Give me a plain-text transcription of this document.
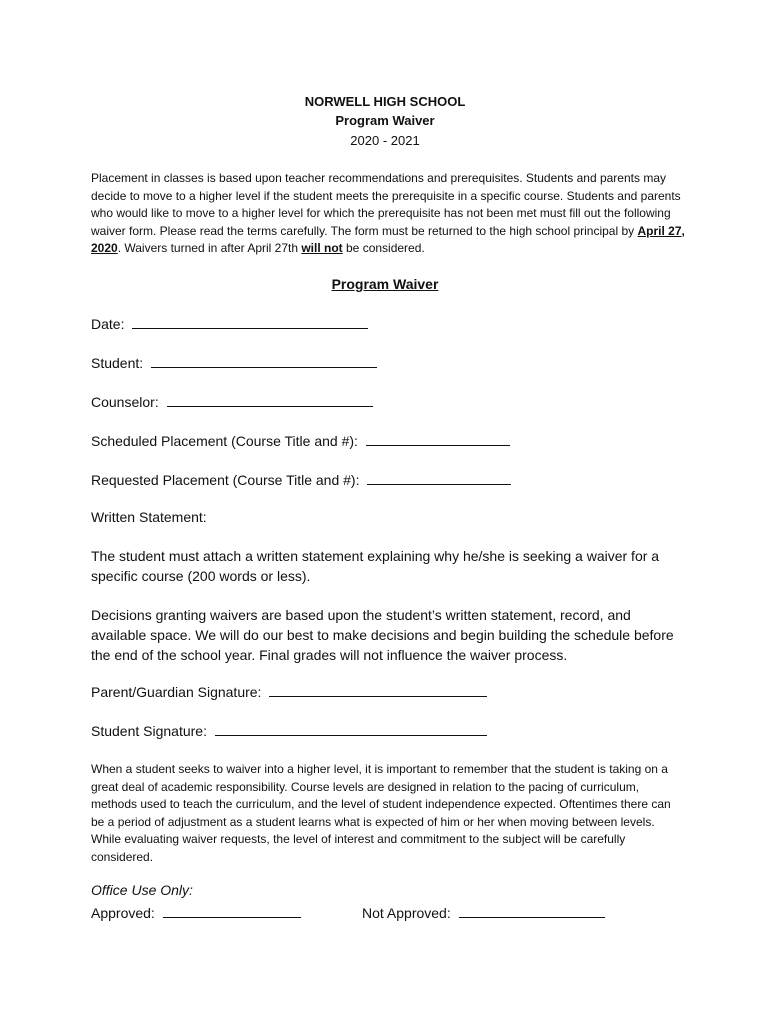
NORWELL HIGH SCHOOL
Program Waiver
2020 - 2021
Placement in classes is based upon teacher recommendations and prerequisites. Students and parents may decide to move to a higher level if the student meets the prerequisite in a specific course. Students and parents who would like to move to a higher level for which the prerequisite has not been met must fill out the following waiver form. Please read the terms carefully. The form must be returned to the high school principal by April 27, 2020. Waivers turned in after April 27th will not be considered.
Program Waiver
Date:
Student:
Counselor:
Scheduled Placement (Course Title and #):
Requested Placement (Course Title and #):
Written Statement:
The student must attach a written statement explaining why he/she is seeking a waiver for a specific course (200 words or less).
Decisions granting waivers are based upon the student’s written statement, record, and available space. We will do our best to make decisions and begin building the schedule before the end of the school year. Final grades will not influence the waiver process.
Parent/Guardian Signature:
Student Signature:
When a student seeks to waiver into a higher level, it is important to remember that the student is taking on a great deal of academic responsibility. Course levels are designed in relation to the pacing of curriculum, methods used to teach the curriculum, and the level of student independence expected. Oftentimes there can be a period of adjustment as a student learns what is expected of him or her when moving between levels. While evaluating waiver requests, the level of interest and commitment to the subject will be carefully considered.
Office Use Only:
Approved:	Not Approved:
